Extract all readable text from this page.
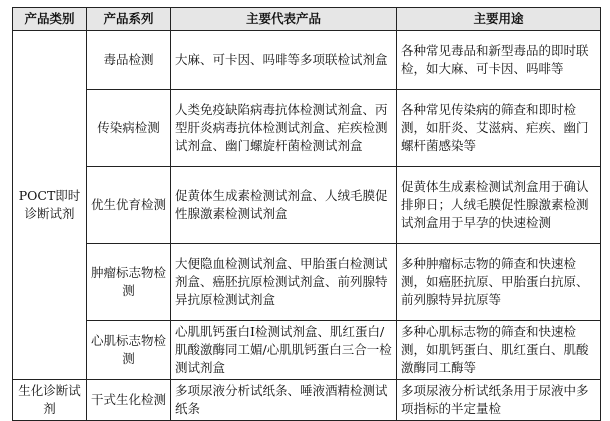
产品类别	产品系列	主要代表产品	主要用途
POCT即时诊断试剂	毒品检测	大麻、可卡因、吗啡等多项联检试剂盒	各种常见毒品和新型毒品的即时联检，如大麻、可卡因、吗啡等
	传染病检测	人类免疫缺陷病毒抗体检测试剂盒、丙型肝炎病毒抗体检测试剂盒、疟疾检测试剂盒、幽门螺旋杆菌检测试剂盒	各种常见传染病的筛查和即时检测，如肝炎、艾滋病、疟疾、幽门螺杆菌感染等
	优生优育检测	促黄体生成素检测试剂盒、人绒毛膜促性腺激素检测试剂盒	促黄体生成素检测试剂盒用于确认排卵日；人绒毛膜促性腺激素检测试剂盒用于早孕的快速检测
	肿瘤标志物检测	大便隐血检测试剂盒、甲胎蛋白检测试剂盒、癌胚抗原检测试剂盒、前列腺特异抗原检测试剂盒	多种肿瘤标志物的筛查和快速检测，如癌胚抗原、甲胎蛋白抗原、前列腺特异抗原等
	心肌标志物检测	心肌肌钙蛋白Ⅰ检测试剂盒、肌红蛋白/肌酸激酶同工媚/心肌肌钙蛋白三合一检测试剂盒	多种心肌标志物的筛查和快速检测，如肌钙蛋白、肌红蛋白、肌酸激酶同工酶等
生化诊断试剂	干式生化检测	多项尿液分析试纸条、唾液酒精检测试纸条	多项尿液分析试纸条用于尿液中多项指标的半定量检
